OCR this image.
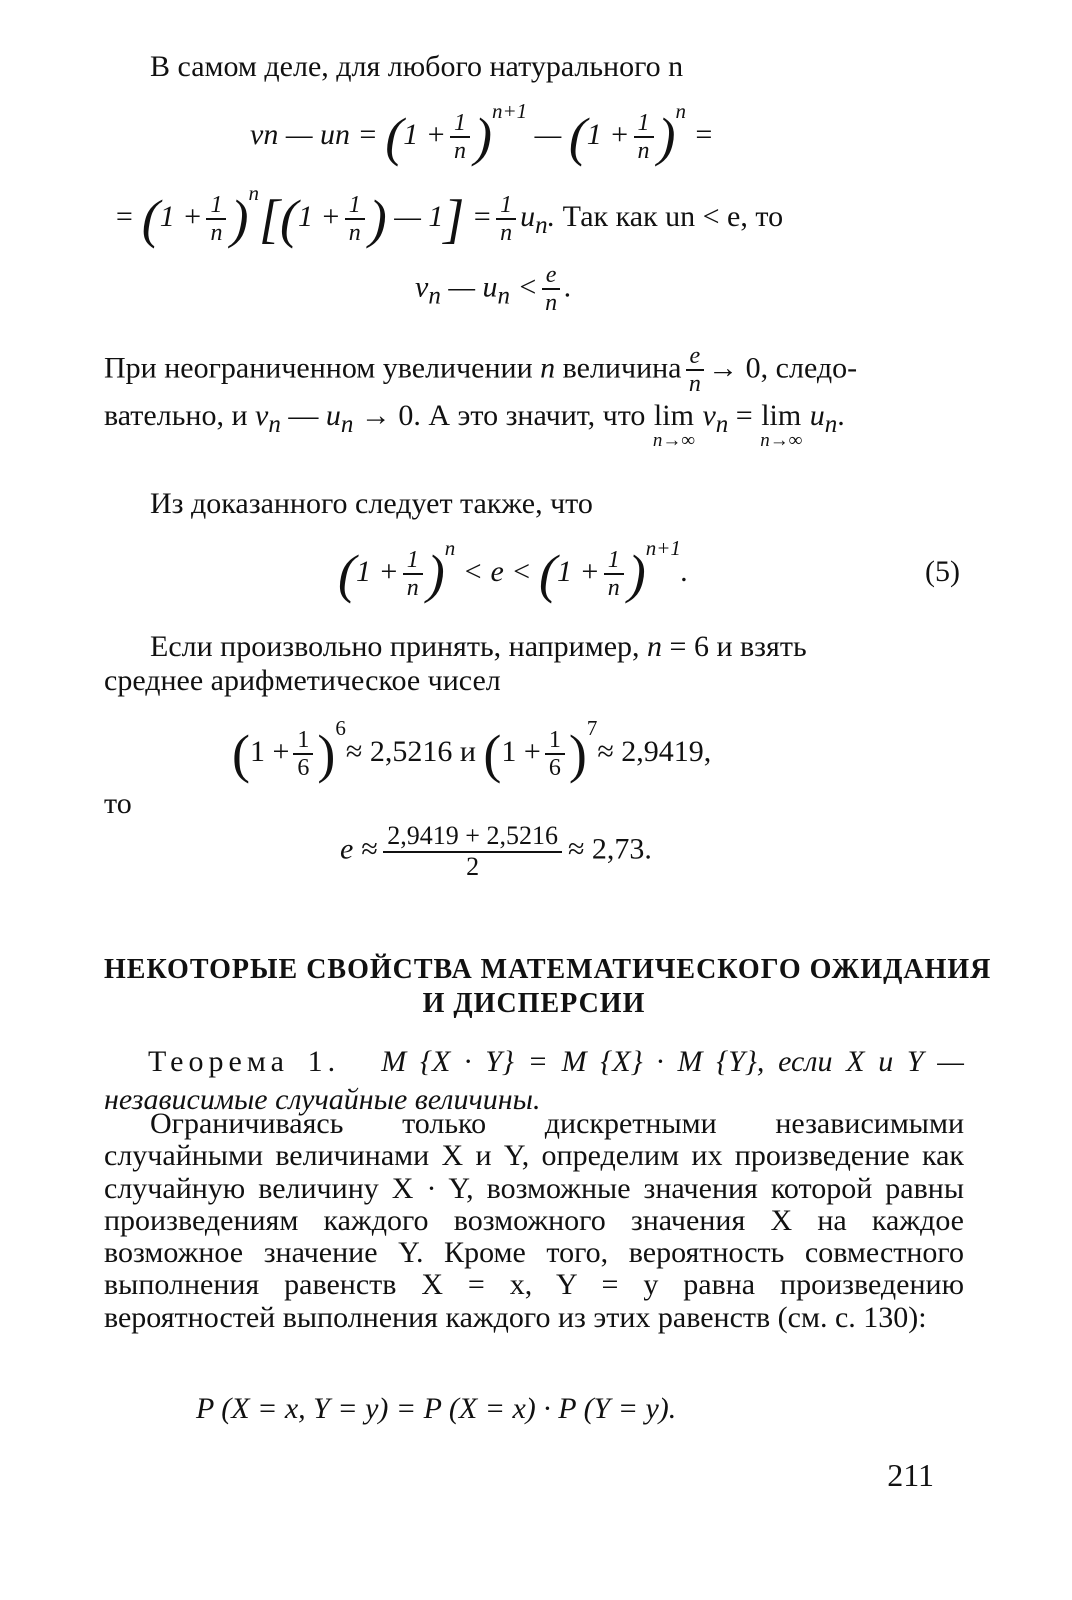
В самом деле, для любого натурального n
vn — un = $(1 + \frac{1}{n} )^{n+1}$ — $(1 + \frac{1}{n} )^n$ =
= $(1 + \frac{1}{n} )^n[(1 + \frac{1}{n}$ ) — $1] = \frac{1}{n} u_n$. Так как un < e, то
$v_n$ — $u_n < \frac{e}{n}$ .
При неограниченном увеличении n величина $\frac{e}{n} \to 0$, следо-
вательно, и $v_n$ — $u_n \to 0$. А это значит, что lim
n→∞
$v_n = \lim$
n→∞
$u_n$.
Из доказанного следует также, что
$(1 + \frac{1}{n} )^n < e < (1 + \frac{1}{n} )^{n+1}$.	(5)
Если произвольно принять, например, n = 6 и взять
среднее арифметическое чисел
$(1 + \frac{1}{6} )^6\approx 2,5216$ и $(1 + \frac{1}{6} )^7\approx 2,9419$,
то
$e \approx \frac{2,9419 + 2,5216}{2} \approx 2,73$.
НЕКОТОРЫЕ СВОЙСТВА МАТЕМАТИЧЕСКОГО ОЖИДАНИЯ
И ДИСПЕРСИИ
Теорема 1. M {X · Y} = M {X} · M {Y}, если X и Y — независимые случайные величины.
Ограничиваясь только дискретными независимыми случайными величинами X и Y, определим их произведение как случайную величину X · Y, возможные значения которой равны произведениям каждого возможного значения X на каждое возможное значение Y. Кроме того, вероятность совместного выполнения равенств X = x, Y = y равна произведению вероятностей выполнения каждого из этих равенств (см. с. 130):
P (X = x, Y = y) = P (X = x) · P (Y = y).
211
